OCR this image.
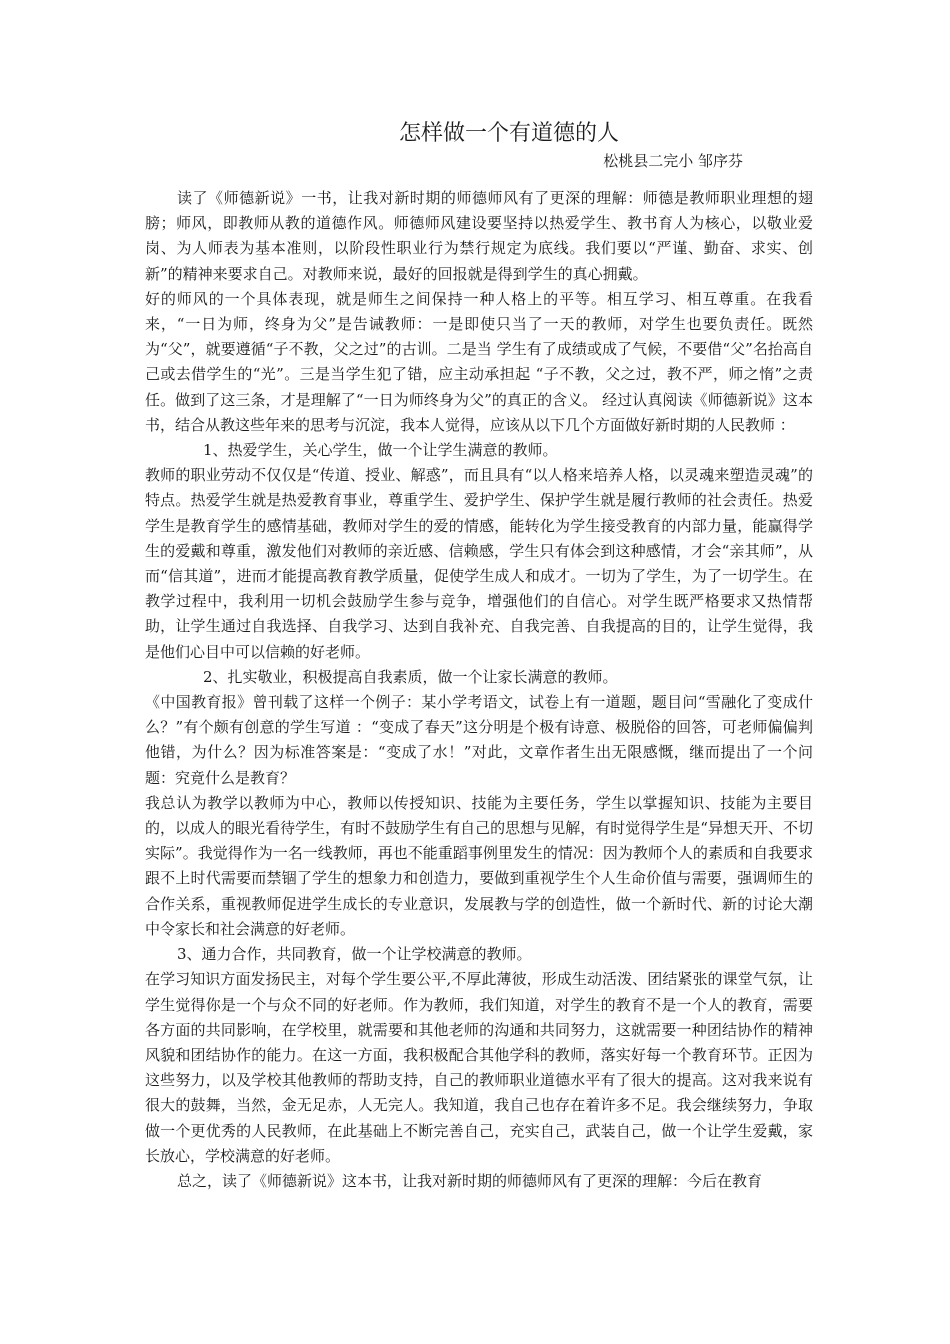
怎样做一个有道德的人
松桃县二完小 邹序芬

读了《师德新说》一书，让我对新时期的师德师风有了更深的理解：师德是教师职业理想的翅膀；师风，即教师从教的道德作风。师德师风建设要坚持以热爱学生、教书育人为核心，以敬业爱岗、为人师表为基本准则，以阶段性职业行为禁行规定为底线。我们要以“严谨、勤奋、求实、创新”的精神来要求自己。对教师来说，最好的回报就是得到学生的真心拥戴。

好的师风的一个具体表现，就是师生之间保持一种人格上的平等。相互学习、相互尊重。在我看来，“一日为师，终身为父”是告诫教师：一是即使只当了一天的教师，对学生也要负责任。既然为“父”，就要遵循“子不教，父之过”的古训。二是当 学生有了成绩或成了气候，不要借“父”名抬高自己或去借学生的“光”。三是当学生犯了错，应主动承担起 “子不教，父之过，教不严，师之惰”之责任。做到了这三条，才是理解了“一日为师终身为父”的真正的含义。 经过认真阅读《师德新说》这本书，结合从教这些年来的思考与沉淀，我本人觉得，应该从以下几个方面做好新时期的人民教师 ：

1、热爱学生，关心学生，做一个让学生满意的教师。

教师的职业劳动不仅仅是“传道、授业、解惑”，而且具有“以人格来培养人格，以灵魂来塑造灵魂”的特点。热爱学生就是热爱教育事业，尊重学生、爱护学生、保护学生就是履行教师的社会责任。热爱学生是教育学生的感情基础，教师对学生的爱的情感，能转化为学生接受教育的内部力量，能赢得学生的爱戴和尊重，激发他们对教师的亲近感、信赖感，学生只有体会到这种感情，才会“亲其师”，从而“信其道”，进而才能提高教育教学质量，促使学生成人和成才。一切为了学生，为了一切学生。在教学过程中，我利用一切机会鼓励学生参与竞争，增强他们的自信心。对学生既严格要求又热情帮助，让学生通过自我选择、自我学习、达到自我补充、自我完善、自我提高的目的，让学生觉得，我是他们心目中可以信赖的好老师。

2、扎实敬业，积极提高自我素质，做一个让家长满意的教师。

《中国教育报》曾刊载了这样一个例子：某小学考语文，试卷上有一道题，题目问“雪融化了变成什么？”有个颇有创意的学生写道 ：“变成了春天”这分明是个极有诗意、极脱俗的回答，可老师偏偏判他错，为什么？因为标准答案是：“变成了水！”对此，文章作者生出无限感慨，继而提出了一个问题：究竟什么是教育？

我总认为教学以教师为中心，教师以传授知识、技能为主要任务，学生以掌握知识、技能为主要目的，以成人的眼光看待学生，有时不鼓励学生有自己的思想与见解，有时觉得学生是“异想天开、不切实际”。我觉得作为一名一线教师，再也不能重蹈事例里发生的情况：因为教师个人的素质和自我要求跟不上时代需要而禁锢了学生的想象力和创造力，要做到重视学生个人生命价值与需要，强调师生的合作关系，重视教师促进学生成长的专业意识，发展教与学的创造性，做一个新时代、新的讨论大潮中令家长和社会满意的好老师。

3、通力合作，共同教育，做一个让学校满意的教师。

在学习知识方面发扬民主，对每个学生要公平,不厚此薄彼，形成生动活泼、团结紧张的课堂气氛，让学生觉得你是一个与众不同的好老师。作为教师，我们知道，对学生的教育不是一个人的教育，需要各方面的共同影响，在学校里，就需要和其他老师的沟通和共同努力，这就需要一种团结协作的精神风貌和团结协作的能力。在这一方面，我积极配合其他学科的教师，落实好每一个教育环节。正因为这些努力，以及学校其他教师的帮助支持，自己的教师职业道德水平有了很大的提高。这对我来说有很大的鼓舞，当然，金无足赤，人无完人。我知道，我自己也存在着许多不足。我会继续努力，争取做一个更优秀的人民教师，在此基础上不断完善自己，充实自己，武装自己，做一个让学生爱戴，家长放心，学校满意的好老师。

总之，读了《师德新说》这本书，让我对新时期的师德师风有了更深的理解：今后在教育
